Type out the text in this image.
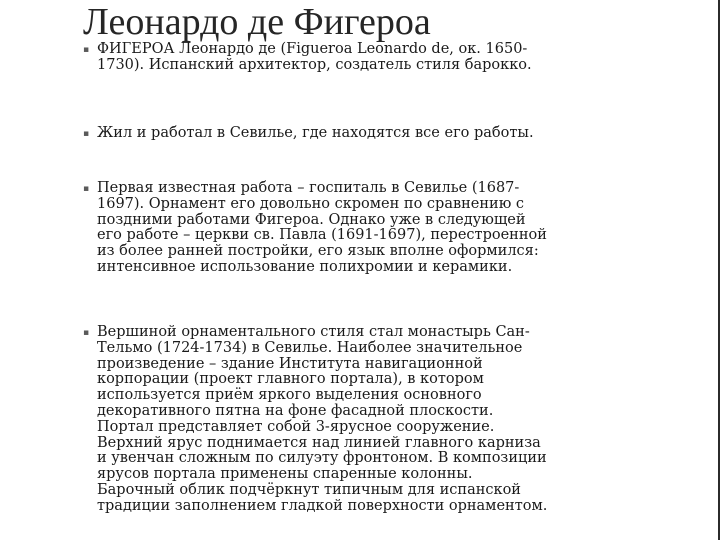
Леонардо де Фигероа
▪ ФИГЕРОА Леонардо де (Figueroa Leonardo de, ок. 1650-
1730). Испанский архитектор, создатель стиля барокко.
▪ Жил и работал в Севилье, где находятся все его работы.
▪ Первая известная работа – госпиталь в Севилье (1687-
1697). Орнамент его довольно скромен по сравнению с
поздними работами Фигероа. Однако уже в следующей
его работе – церкви св. Павла (1691-1697), перестроенной
из более ранней постройки, его язык вполне оформился:
интенсивное использование полихромии и керамики.
▪ Вершиной орнаментального стиля стал монастырь Сан-
Тельмо (1724-1734) в Севилье. Наиболее значительное
произведение – здание Института навигационной
корпорации (проект главного портала), в котором
используется приём яркого выделения основного
декоративного пятна на фоне фасадной плоскости.
Портал представляет собой 3-ярусное сооружение.
Верхний ярус поднимается над линией главного карниза
и увенчан сложным по силуэту фронтоном. В композиции
ярусов портала применены спаренные колонны.
Барочный облик подчёркнут типичным для испанской
традиции заполнением гладкой поверхности орнаментом.
